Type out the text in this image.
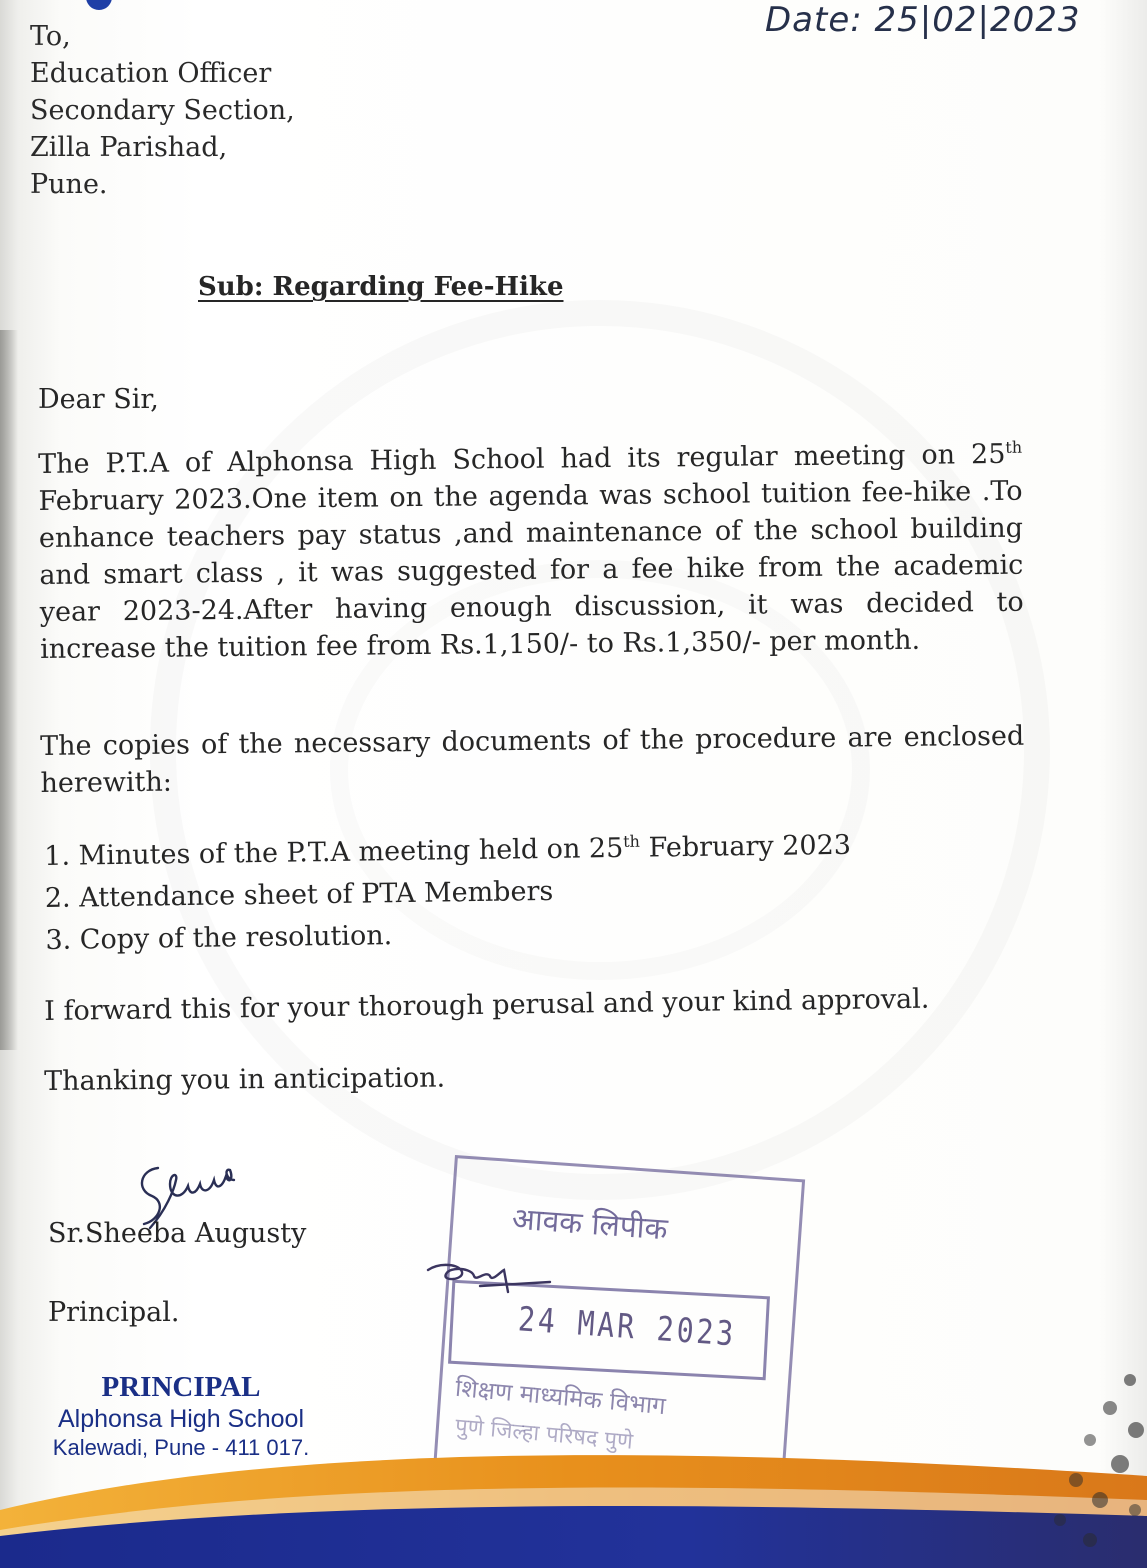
Date: 25|02|2023
To,
Education Officer
Secondary Section,
Zilla Parishad,
Pune.
Sub: Regarding Fee-Hike
Dear Sir,
The P.T.A of Alphonsa High School had its regular meeting on 25th February 2023.One item on the agenda was school tuition fee-hike .To enhance teachers pay status ,and maintenance of the school building and smart class , it was suggested for a fee hike from the academic year 2023-24.After having enough discussion, it was decided to increase the tuition fee from Rs.1,150/- to Rs.1,350/- per month.
The copies of the necessary documents of the procedure are enclosed herewith:
1. Minutes of the P.T.A meeting held on 25th February 2023
2. Attendance sheet of PTA Members
3. Copy of the resolution.
I forward this for your thorough perusal and your kind approval.
Thanking you in anticipation.
Sr.Sheeba Augusty
Principal.
PRINCIPAL
Alphonsa High School
Kalewadi, Pune - 411 017.
आवक लिपीक
24 MAR 2023
शिक्षण माध्यमिक विभाग
पुणे जिल्हा परिषद पुणे
